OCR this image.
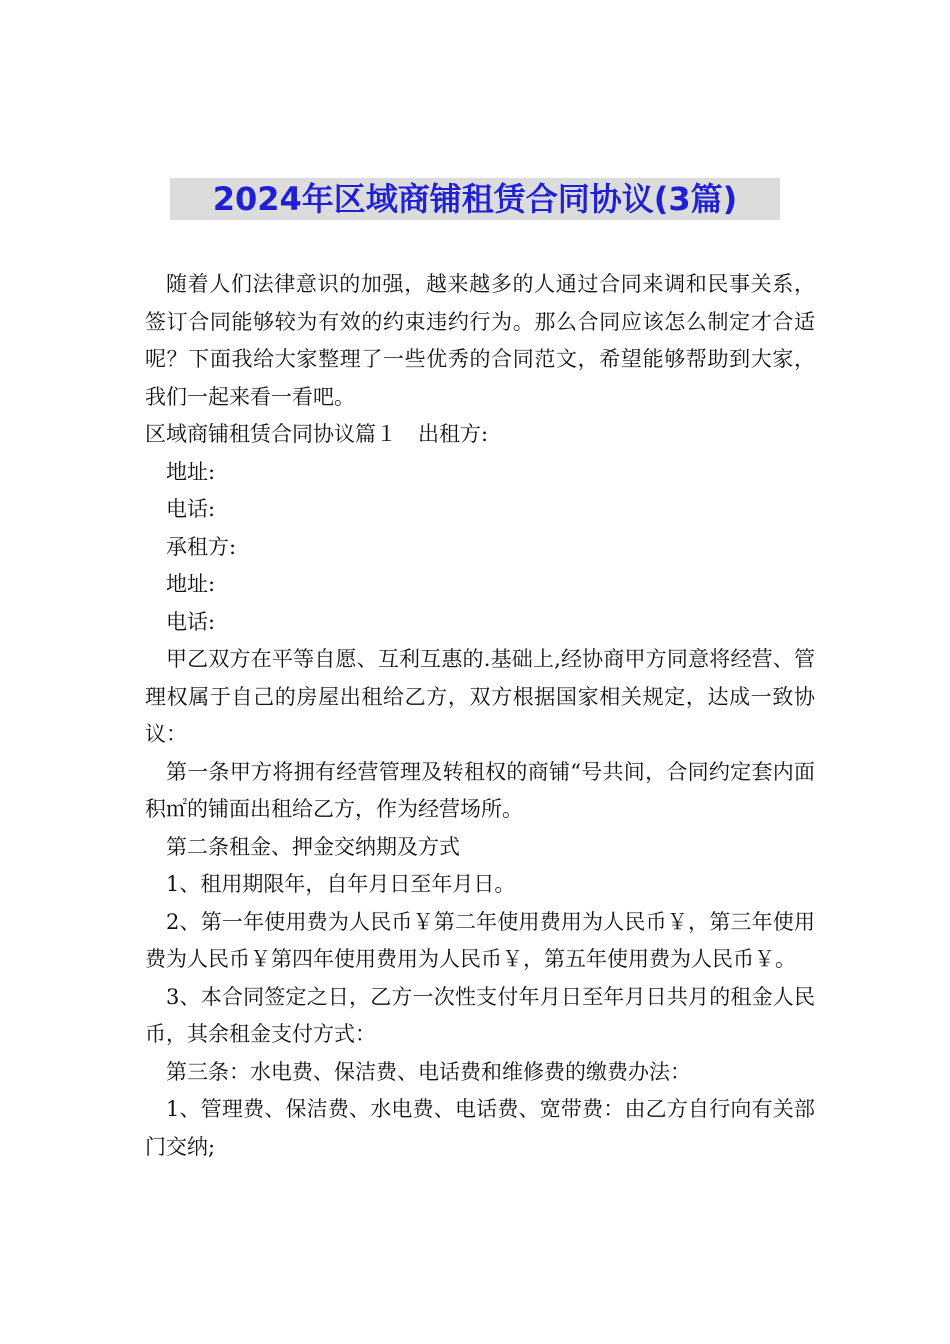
2024年区域商铺租赁合同协议(3篇)

随着人们法律意识的加强，越来越多的人通过合同来调和民事关系，签订合同能够较为有效的约束违约行为。那么合同应该怎么制定才合适呢？下面我给大家整理了一些优秀的合同范文，希望能够帮助到大家，我们一起来看一看吧。

区域商铺租赁合同协议篇１　出租方:

地址:

电话:

承租方:

地址:

电话:

甲乙双方在平等自愿、互利互惠的.基础上,经协商甲方同意将经营、管理权属于自己的房屋出租给乙方，双方根据国家相关规定，达成一致协议：

第一条甲方将拥有经营管理及转租权的商铺“号共间，合同约定套内面积㎡的铺面出租给乙方，作为经营场所。

第二条租金、押金交纳期及方式

1、租用期限年，自年月日至年月日。

2、第一年使用费为人民币￥第二年使用费用为人民币￥，第三年使用费为人民币￥第四年使用费用为人民币￥，第五年使用费为人民币￥。

3、本合同签定之日，乙方一次性支付年月日至年月日共月的租金人民币，其余租金支付方式：

第三条：水电费、保洁费、电话费和维修费的缴费办法：

1、管理费、保洁费、水电费、电话费、宽带费：由乙方自行向有关部门交纳;
